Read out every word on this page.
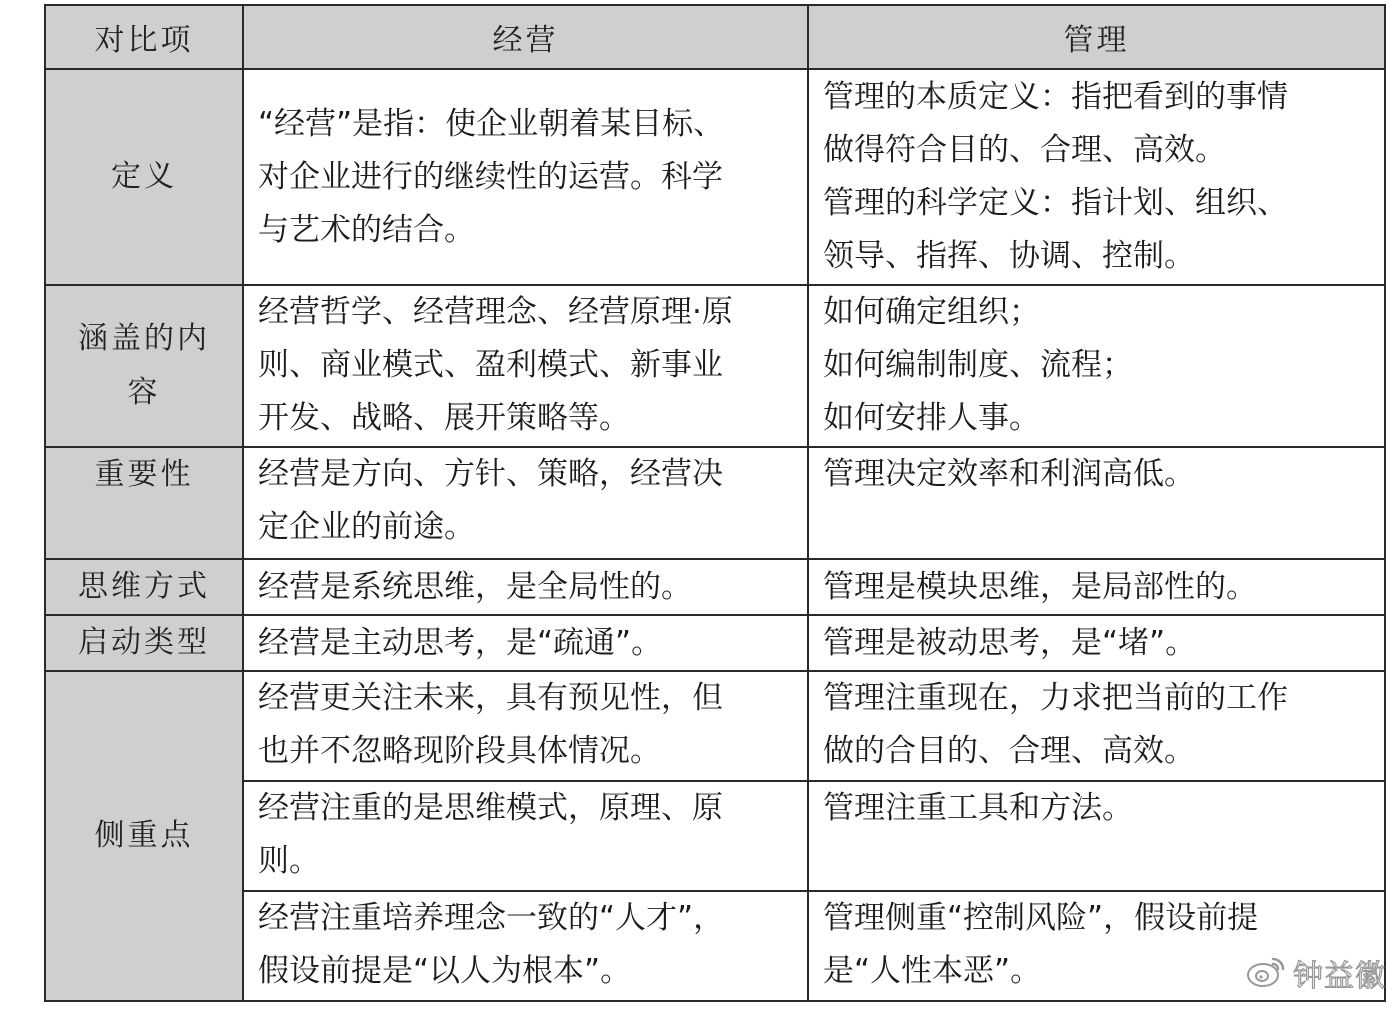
对比项	经营	管理
定义	“经营”是指：使企业朝着某目标、
对企业进行的继续性的运营。科学
与艺术的结合。	管理的本质定义：指把看到的事情
做得符合目的、合理、高效。
管理的科学定义：指计划、组织、
领导、指挥、协调、控制。

涵盖的内
容	经营哲学、经营理念、经营原理·原
则、商业模式、盈利模式、新事业
开发、战略、展开策略等。	如何确定组织；
如何编制制度、流程；
如何安排人事。

重要性	经营是方向、方针、策略，经营决
定企业的前途。	管理决定效率和利润高低。

思维方式	经营是系统思维，是全局性的。	管理是模块思维，是局部性的。
启动类型	经营是主动思考，是“疏通”。	管理是被动思考，是“堵”。
侧重点	经营更关注未来，具有预见性，但
也并不忽略现阶段具体情况。	管理注重现在，力求把当前的工作
做的合目的、合理、高效。

	经营注重的是思维模式，原理、原
则。	管理注重工具和方法。

	经营注重培养理念一致的“人才”，
假设前提是“以人为根本”。	管理侧重“控制风险”，假设前提
是“人性本恶”。	钟益徽
